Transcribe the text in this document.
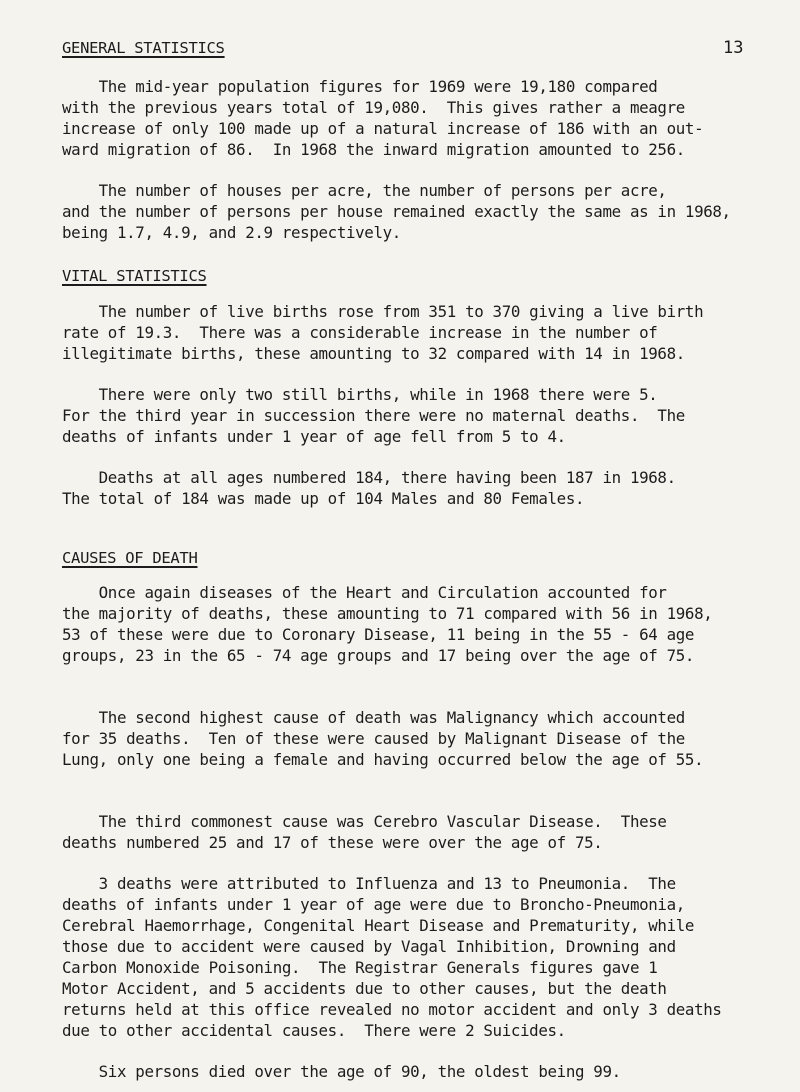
13
GENERAL STATISTICS

The mid-year population figures for 1969 were 19,180 compared
with the previous years total of 19,080.  This gives rather a meagre
increase of only 100 made up of a natural increase of 186 with an out-
ward migration of 86.  In 1968 the inward migration amounted to 256.

The number of houses per acre, the number of persons per acre,
and the number of persons per house remained exactly the same as in 1968,
being 1.7, 4.9, and 2.9 respectively.

VITAL STATISTICS

The number of live births rose from 351 to 370 giving a live birth
rate of 19.3.  There was a considerable increase in the number of
illegitimate births, these amounting to 32 compared with 14 in 1968.

There were only two still births, while in 1968 there were 5.
For the third year in succession there were no maternal deaths.  The
deaths of infants under 1 year of age fell from 5 to 4.

Deaths at all ages numbered 184, there having been 187 in 1968.
The total of 184 was made up of 104 Males and 80 Females.

CAUSES OF DEATH

Once again diseases of the Heart and Circulation accounted for
the majority of deaths, these amounting to 71 compared with 56 in 1968,
53 of these were due to Coronary Disease, 11 being in the 55 - 64 age
groups, 23 in the 65 - 74 age groups and 17 being over the age of 75.

The second highest cause of death was Malignancy which accounted
for 35 deaths.  Ten of these were caused by Malignant Disease of the
Lung, only one being a female and having occurred below the age of 55.

The third commonest cause was Cerebro Vascular Disease.  These
deaths numbered 25 and 17 of these were over the age of 75.

3 deaths were attributed to Influenza and 13 to Pneumonia.  The
deaths of infants under 1 year of age were due to Broncho-Pneumonia,
Cerebral Haemorrhage, Congenital Heart Disease and Prematurity, while
those due to accident were caused by Vagal Inhibition, Drowning and
Carbon Monoxide Poisoning.  The Registrar Generals figures gave 1
Motor Accident, and 5 accidents due to other causes, but the death
returns held at this office revealed no motor accident and only 3 deaths
due to other accidental causes.  There were 2 Suicides.

Six persons died over the age of 90, the oldest being 99.
